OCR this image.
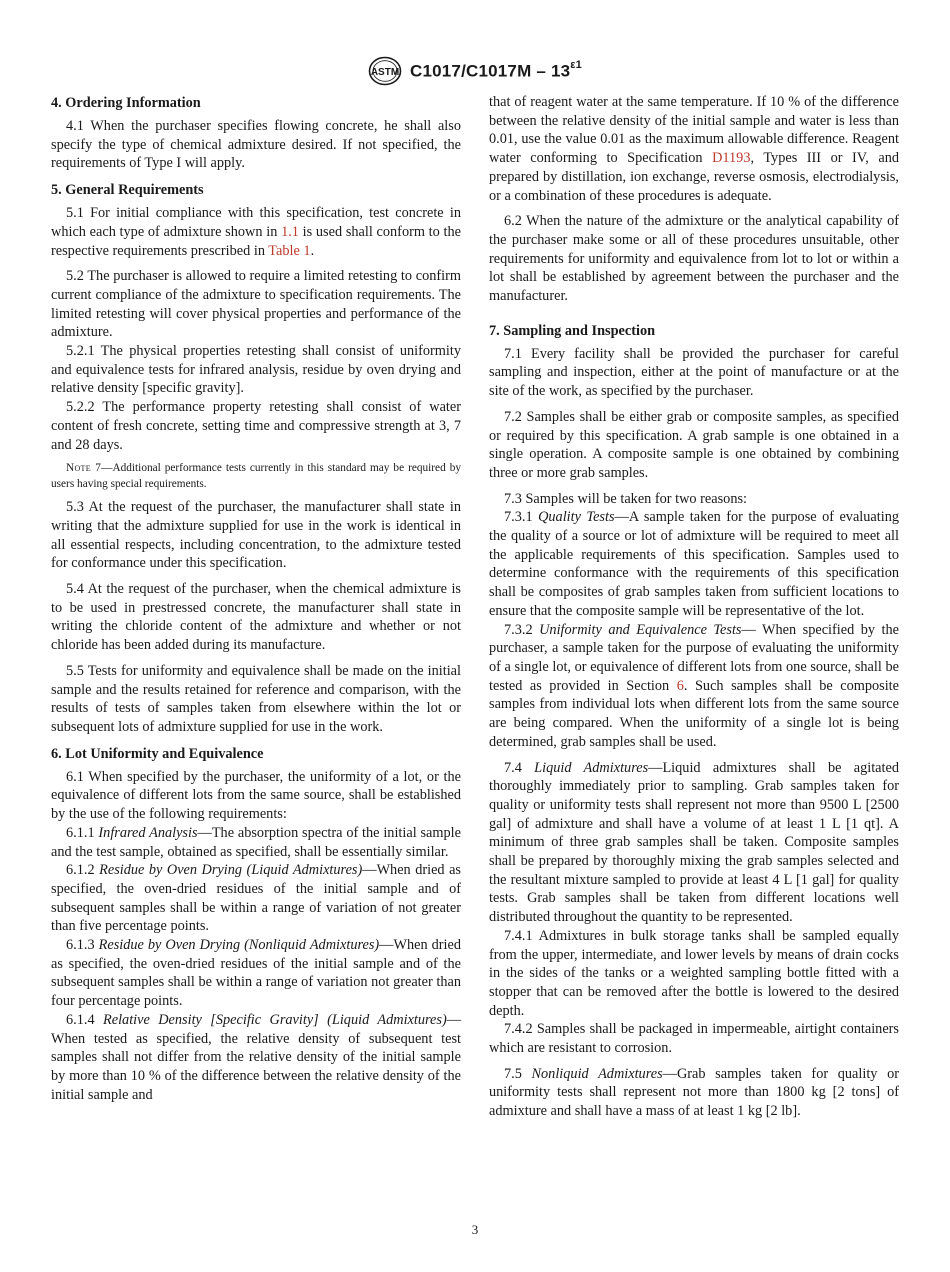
ASTM $C1017/C1017M - 13^{\varepsilon 1}$
4. Ordering Information

4.1 When the purchaser specifies flowing concrete, he shall also specify the type of chemical admixture desired. If not specified, the requirements of Type I will apply.

5. General Requirements

5.1 For initial compliance with this specification, test concrete in which each type of admixture shown in 1.1 is used shall conform to the respective requirements prescribed in Table 1.

5.2 The purchaser is allowed to require a limited retesting to confirm current compliance of the admixture to specification requirements. The limited retesting will cover physical properties and performance of the admixture.

5.2.1 The physical properties retesting shall consist of uniformity and equivalence tests for infrared analysis, residue by oven drying and relative density [specific gravity].

5.2.2 The performance property retesting shall consist of water content of fresh concrete, setting time and compressive strength at 3, 7 and 28 days.

Note 7—Additional performance tests currently in this standard may be required by users having special requirements.

5.3 At the request of the purchaser, the manufacturer shall state in writing that the admixture supplied for use in the work is identical in all essential respects, including concentration, to the admixture tested for conformance under this specification.

5.4 At the request of the purchaser, when the chemical admixture is to be used in prestressed concrete, the manufacturer shall state in writing the chloride content of the admixture and whether or not chloride has been added during its manufacture.

5.5 Tests for uniformity and equivalence shall be made on the initial sample and the results retained for reference and comparison, with the results of tests of samples taken from elsewhere within the lot or subsequent lots of admixture supplied for use in the work.

6. Lot Uniformity and Equivalence

6.1 When specified by the purchaser, the uniformity of a lot, or the equivalence of different lots from the same source, shall be established by the use of the following requirements:

6.1.1 Infrared Analysis—The absorption spectra of the initial sample and the test sample, obtained as specified, shall be essentially similar.

6.1.2 Residue by Oven Drying (Liquid Admixtures)—When dried as specified, the oven-dried residues of the initial sample and of subsequent samples shall be within a range of variation of not greater than five percentage points.

6.1.3 Residue by Oven Drying (Nonliquid Admixtures)—When dried as specified, the oven-dried residues of the initial sample and of the subsequent samples shall be within a range of variation not greater than four percentage points.

6.1.4 Relative Density [Specific Gravity] (Liquid Admixtures)—When tested as specified, the relative density of subsequent test samples shall not differ from the relative density of the initial sample by more than 10 % of the difference between the relative density of the initial sample and

that of reagent water at the same temperature. If 10 % of the difference between the relative density of the initial sample and water is less than 0.01, use the value 0.01 as the maximum allowable difference. Reagent water conforming to Specification D1193, Types III or IV, and prepared by distillation, ion exchange, reverse osmosis, electrodialysis, or a combination of these procedures is adequate.

6.2 When the nature of the admixture or the analytical capability of the purchaser make some or all of these procedures unsuitable, other requirements for uniformity and equivalence from lot to lot or within a lot shall be established by agreement between the purchaser and the manufacturer.

7. Sampling and Inspection

7.1 Every facility shall be provided the purchaser for careful sampling and inspection, either at the point of manufacture or at the site of the work, as specified by the purchaser.

7.2 Samples shall be either grab or composite samples, as specified or required by this specification. A grab sample is one obtained in a single operation. A composite sample is one obtained by combining three or more grab samples.

7.3 Samples will be taken for two reasons:

7.3.1 Quality Tests—A sample taken for the purpose of evaluating the quality of a source or lot of admixture will be required to meet all the applicable requirements of this specification. Samples used to determine conformance with the requirements of this specification shall be composites of grab samples taken from sufficient locations to ensure that the composite sample will be representative of the lot.

7.3.2 Uniformity and Equivalence Tests— When specified by the purchaser, a sample taken for the purpose of evaluating the uniformity of a single lot, or equivalence of different lots from one source, shall be tested as provided in Section 6. Such samples shall be composite samples from individual lots when different lots from the same source are being compared. When the uniformity of a single lot is being determined, grab samples shall be used.

7.4 Liquid Admixtures—Liquid admixtures shall be agitated thoroughly immediately prior to sampling. Grab samples taken for quality or uniformity tests shall represent not more than 9500 L [2500 gal] of admixture and shall have a volume of at least 1 L [1 qt]. A minimum of three grab samples shall be taken. Composite samples shall be prepared by thoroughly mixing the grab samples selected and the resultant mixture sampled to provide at least 4 L [1 gal] for quality tests. Grab samples shall be taken from different locations well distributed throughout the quantity to be represented.

7.4.1 Admixtures in bulk storage tanks shall be sampled equally from the upper, intermediate, and lower levels by means of drain cocks in the sides of the tanks or a weighted sampling bottle fitted with a stopper that can be removed after the bottle is lowered to the desired depth.

7.4.2 Samples shall be packaged in impermeable, airtight containers which are resistant to corrosion.

7.5 Nonliquid Admixtures—Grab samples taken for quality or uniformity tests shall represent not more than 1800 kg [2 tons] of admixture and shall have a mass of at least 1 kg [2 lb].

3
